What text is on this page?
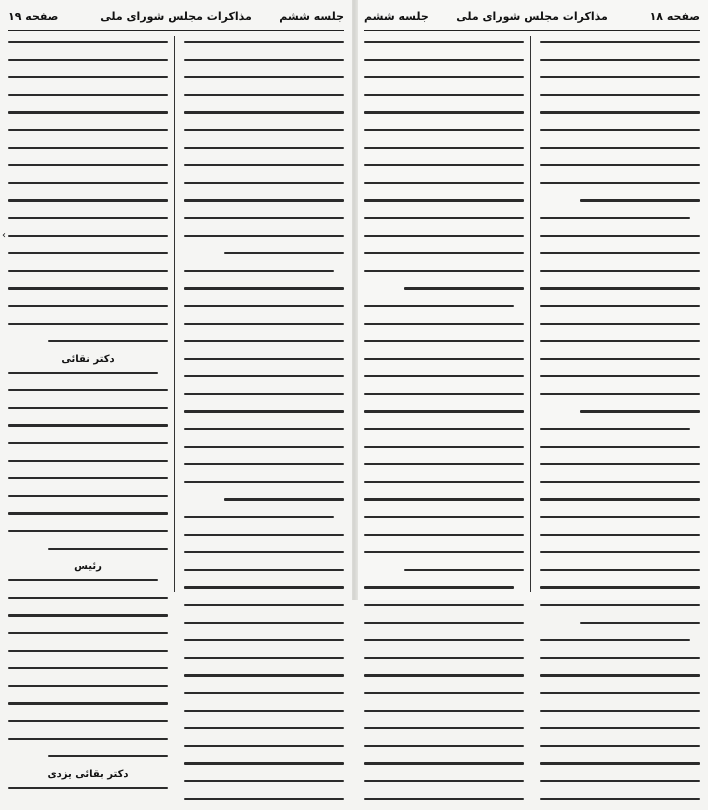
صفحه ۱۸
مذاکرات مجلس شورای ملی
جلسه ششم
صفحه ۱۹	مذاکرات مجلس شورای ملی	جلسه ششم
دکتر نقائی
رئیس
دکتر بقائی یزدی
‹
